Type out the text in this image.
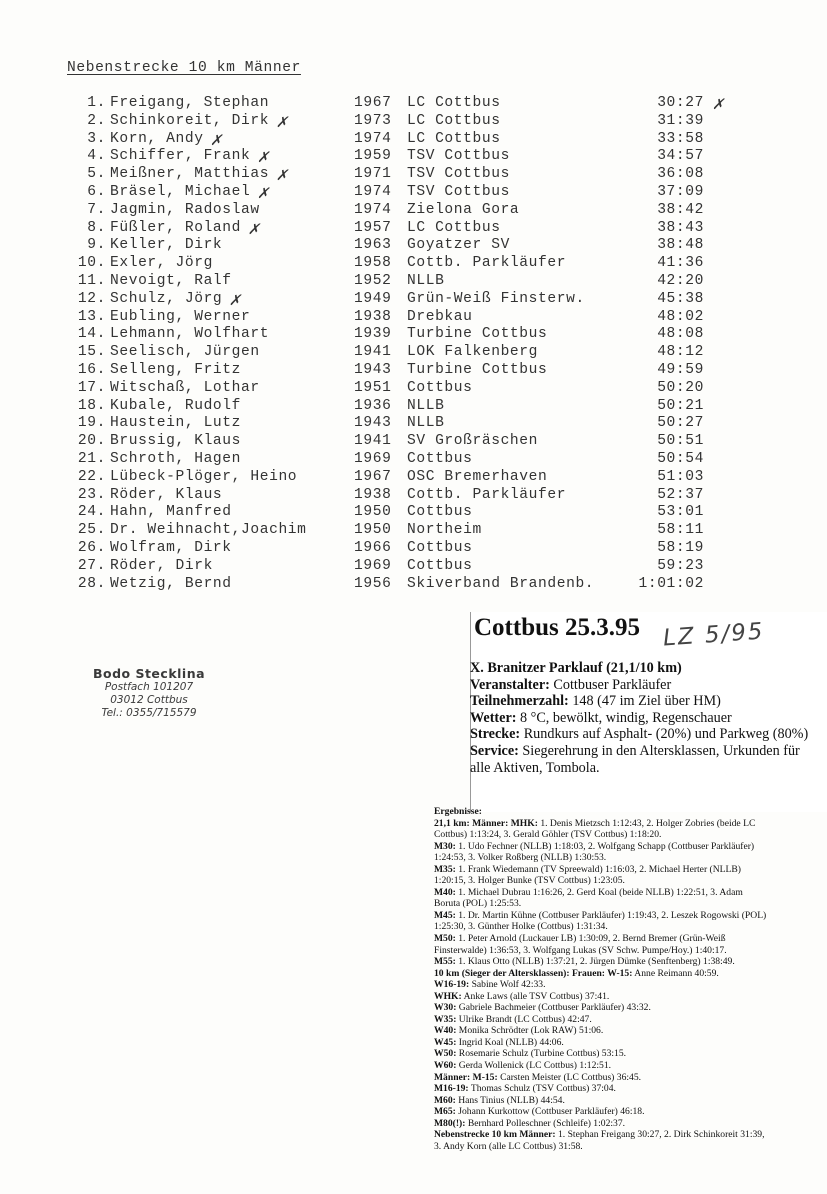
Nebenstrecke 10 km Männer
1. Freigang, Stephan	1967 LC Cottbus	30:27 ✗
2. Schinkoreit, Dirk	1973 LC Cottbus	31:39
✗
3. Korn, Andy	1974 LC Cottbus	33:58
✗
4. Schiffer, Frank	1959 TSV Cottbus	34:57
✗
5. Meißner, Matthias	1971 TSV Cottbus	36:08
✗
6. Bräsel, Michael	1974 TSV Cottbus	37:09
✗
7. Jagmin, Radoslaw	1974 Zielona Gora	38:42
8. Füßler, Roland	1957 LC Cottbus	38:43
✗
9. Keller, Dirk	1963 Goyatzer SV	38:48
10. Exler, Jörg	1958 Cottb. Parkläufer	41:36
11. Nevoigt, Ralf	1952 NLLB	42:20
12. Schulz, Jörg	1949 Grün-Weiß Finsterw.	45:38
✗
13. Eubling, Werner	1938 Drebkau	48:02
14. Lehmann, Wolfhart	1939 Turbine Cottbus	48:08
15. Seelisch, Jürgen	1941 LOK Falkenberg	48:12
16. Selleng, Fritz	1943 Turbine Cottbus	49:59
17. Witschaß, Lothar	1951 Cottbus	50:20
18. Kubale, Rudolf	1936 NLLB	50:21
19. Haustein, Lutz	1943 NLLB	50:27
20. Brussig, Klaus	1941 SV Großräschen	50:51
21. Schroth, Hagen	1969 Cottbus	50:54
22. Lübeck-Plöger, Heino	1967 OSC Bremerhaven	51:03
23. Röder, Klaus	1938 Cottb. Parkläufer	52:37
24. Hahn, Manfred	1950 Cottbus	53:01
25. Dr. Weihnacht,Joachim	1950 Northeim	58:11
26. Wolfram, Dirk	1966 Cottbus	58:19
27. Röder, Dirk	1969 Cottbus	59:23
28. Wetzig, Bernd	1956 Skiverband Brandenb.	1:01:02
Bodo Stecklina
Postfach 101207
03012 Cottbus
Tel.: 0355/715579
Cottbus 25.3.95 LZ 5/95
X. Branitzer Parklauf (21,1/10 km)
Veranstalter: Cottbuser Parkläufer
Teilnehmerzahl: 148 (47 im Ziel über HM)
Wetter: 8 °C, bewölkt, windig, Regenschauer
Strecke: Rundkurs auf Asphalt- (20%) und Parkweg (80%)
Service: Siegerehrung in den Altersklassen, Urkunden für alle Aktiven, Tombola.

Ergebnisse:

21,1 km: Männer: MHK: 1. Denis Mietzsch 1:12:43, 2. Holger Zobries (beide LC Cottbus) 1:13:24, 3. Gerald Göhler (TSV Cottbus) 1:18:20.

M30: 1. Udo Fechner (NLLB) 1:18:03, 2. Wolfgang Schapp (Cottbuser Parkläufer) 1:24:53, 3. Volker Roßberg (NLLB) 1:30:53.

M35: 1. Frank Wiedemann (TV Spreewald) 1:16:03, 2. Michael Herter (NLLB) 1:20:15, 3. Holger Bunke (TSV Cottbus) 1:23:05.

M40: 1. Michael Dubrau 1:16:26, 2. Gerd Koal (beide NLLB) 1:22:51, 3. Adam Boruta (POL) 1:25:53.

M45: 1. Dr. Martin Kühne (Cottbuser Parkläufer) 1:19:43, 2. Leszek Rogowski (POL) 1:25:30, 3. Günther Holke (Cottbus) 1:31:34.

M50: 1. Peter Arnold (Luckauer LB) 1:30:09, 2. Bernd Bremer (Grün-Weiß Finsterwalde) 1:36:53, 3. Wolfgang Lukas (SV Schw. Pumpe/Hoy.) 1:40:17.

M55: 1. Klaus Otto (NLLB) 1:37:21, 2. Jürgen Dümke (Senftenberg) 1:38:49.

10 km (Sieger der Altersklassen): Frauen: W-15: Anne Reimann 40:59.

W16-19: Sabine Wolf 42:33.

WHK: Anke Laws (alle TSV Cottbus) 37:41.

W30: Gabriele Bachmeier (Cottbuser Parkläufer) 43:32.

W35: Ulrike Brandt (LC Cottbus) 42:47.

W40: Monika Schrödter (Lok RAW) 51:06.

W45: Ingrid Koal (NLLB) 44:06.

W50: Rosemarie Schulz (Turbine Cottbus) 53:15.

W60: Gerda Wollenick (LC Cottbus) 1:12:51.

Männer: M-15: Carsten Meister (LC Cottbus) 36:45.

M16-19: Thomas Schulz (TSV Cottbus) 37:04.

M60: Hans Tinius (NLLB) 44:54.

M65: Johann Kurkottow (Cottbuser Parkläufer) 46:18.

M80(!): Bernhard Polleschner (Schleife) 1:02:37.

Nebenstrecke 10 km Männer: 1. Stephan Freigang 30:27, 2. Dirk Schinkoreit 31:39, 3. Andy Korn (alle LC Cottbus) 31:58.
